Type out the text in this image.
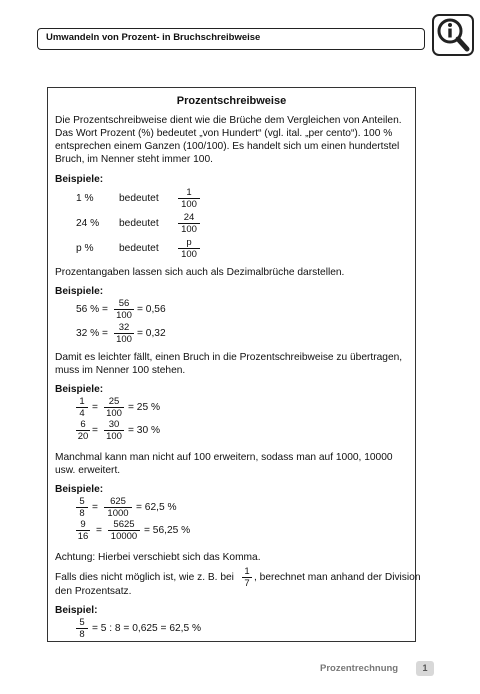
Umwandeln von Prozent- in Bruchschreibweise
Prozentschreibweise
Die Prozentschreibweise dient wie die Brüche dem Vergleichen von Anteilen.
Das Wort Prozent (%) bedeutet „von Hundert“ (vgl. ital. „per cento“). 100 %
entsprechen einem Ganzen (100/100). Es handelt sich um einen hundertstel
Bruch, im Nenner steht immer 100.
Beispiele:
1 % bedeutet $\frac{1}{100}$
24 % bedeutet $\frac{24}{100}$
p % bedeutet $\frac{p}{100}$
Prozentangaben lassen sich auch als Dezimalbrüche darstellen.
Beispiele:
56 % = $\frac{56}{100} = 0,56$
32 % = $\frac{32}{100} = 0,32$
Damit es leichter fällt, einen Bruch in die Prozentschreibweise zu übertragen,
muss im Nenner 100 stehen.
Beispiele:
$\frac{1}{4} = \frac{25}{100} = 25$ %
$\frac{6}{20} = \frac{30}{100} = 30$ %
Manchmal kann man nicht auf 100 erweitern, sodass man auf 1000, 10000
usw. erweitert.
Beispiele:
$\frac{5}{8} = \frac{625}{1000} = 62,5$ %
$\frac{9}{16} = \frac{5625}{10000} = 56,25$ %
Achtung: Hierbei verschiebt sich das Komma.
Falls dies nicht möglich ist, wie z. B. bei $\frac{1}{7}$ , berechnet man anhand der Division
den Prozentsatz.
Beispiel:
$\frac{5}{8} = 5$ : 8 = 0,625 = 62,5 %
Prozentrechnung	1
